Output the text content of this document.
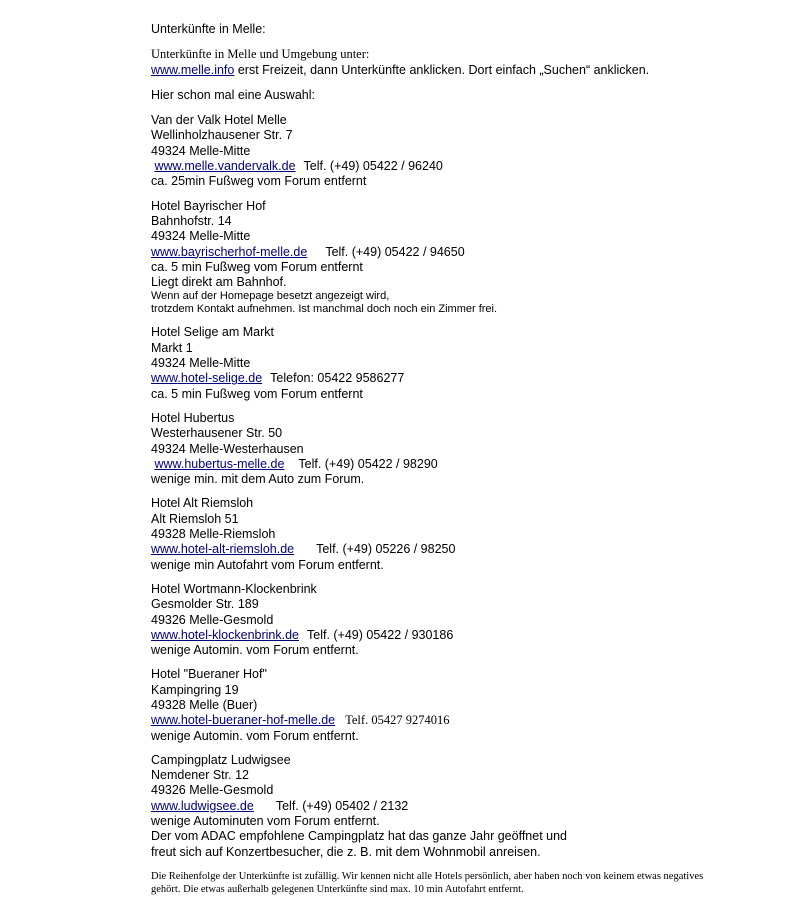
Unterkünfte in Melle:

Unterkünfte in Melle und Umgebung unter:

www.melle.info erst Freizeit, dann Unterkünfte anklicken. Dort einfach „Suchen“ anklicken.

Hier schon mal eine Auswahl:

Van der Valk Hotel Melle

Wellinholzhausener Str. 7

49324 Melle-Mitte

www.melle.vandervalk.de Telf. (+49) 05422 / 96240

ca. 25min Fußweg vom Forum entfernt

Hotel Bayrischer Hof

Bahnhofstr. 14

49324 Melle-Mitte

www.bayrischerhof-melle.de Telf. (+49) 05422 / 94650

ca. 5 min Fußweg vom Forum entfernt

Liegt direkt am Bahnhof.

Wenn auf der Homepage besetzt angezeigt wird,

trotzdem Kontakt aufnehmen. Ist manchmal doch noch ein Zimmer frei.

Hotel Selige am Markt

Markt 1

49324 Melle-Mitte

www.hotel-selige.de Telefon: 05422 9586277

ca. 5 min Fußweg vom Forum entfernt

Hotel Hubertus

Westerhausener Str. 50

49324 Melle-Westerhausen

www.hubertus-melle.de Telf. (+49) 05422 / 98290

wenige min. mit dem Auto zum Forum.

Hotel Alt Riemsloh

Alt Riemsloh 51

49328 Melle-Riemsloh

www.hotel-alt-riemsloh.de Telf. (+49) 05226 / 98250

wenige min Autofahrt vom Forum entfernt.

Hotel Wortmann-Klockenbrink

Gesmolder Str. 189

49326 Melle-Gesmold

www.hotel-klockenbrink.de Telf. (+49) 05422 / 930186

wenige Automin. vom Forum entfernt.

Hotel "Bueraner Hof"

Kampingring 19

49328 Melle (Buer)

www.hotel-bueraner-hof-melle.de Telf. 05427 9274016

wenige Automin. vom Forum entfernt.

Campingplatz Ludwigsee

Nemdener Str. 12

49326 Melle-Gesmold

www.ludwigsee.de Telf. (+49) 05402 / 2132

wenige Autominuten vom Forum entfernt.

Der vom ADAC empfohlene Campingplatz hat das ganze Jahr geöffnet und

freut sich auf Konzertbesucher, die z. B. mit dem Wohnmobil anreisen.

Die Reihenfolge der Unterkünfte ist zufällig. Wir kennen nicht alle Hotels persönlich, aber haben noch von keinem etwas negatives gehört. Die etwas außerhalb gelegenen Unterkünfte sind max. 10 min Autofahrt entfernt.
